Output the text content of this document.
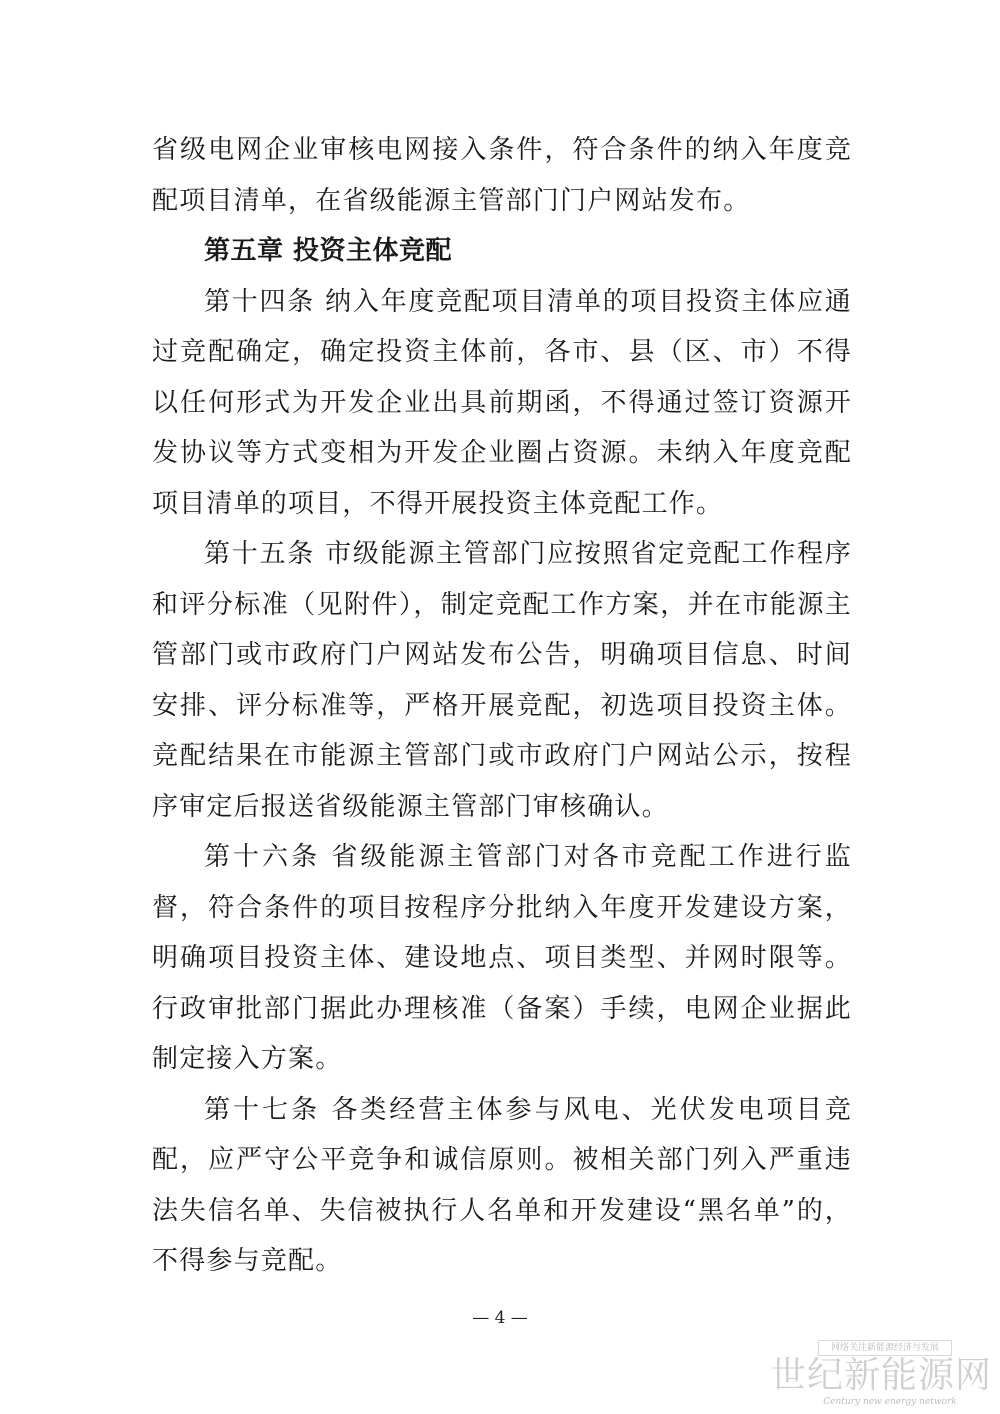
省级电网企业审核电网接入条件，符合条件的纳入年度竞配项目清单，在省级能源主管部门门户网站发布。

第五章 投资主体竞配

第十四条 纳入年度竞配项目清单的项目投资主体应通过竞配确定，确定投资主体前，各市、县（区、市）不得以任何形式为开发企业出具前期函，不得通过签订资源开发协议等方式变相为开发企业圈占资源。未纳入年度竞配项目清单的项目，不得开展投资主体竞配工作。

第十五条 市级能源主管部门应按照省定竞配工作程序和评分标准（见附件），制定竞配工作方案，并在市能源主管部门或市政府门户网站发布公告，明确项目信息、时间安排、评分标准等，严格开展竞配，初选项目投资主体。竞配结果在市能源主管部门或市政府门户网站公示，按程序审定后报送省级能源主管部门审核确认。

第十六条 省级能源主管部门对各市竞配工作进行监督，符合条件的项目按程序分批纳入年度开发建设方案，明确项目投资主体、建设地点、项目类型、并网时限等。行政审批部门据此办理核准（备案）手续，电网企业据此制定接入方案。

第十七条 各类经营主体参与风电、光伏发电项目竞配，应严守公平竞争和诚信原则。被相关部门列入严重违法失信名单、失信被执行人名单和开发建设“黑名单”的，不得参与竞配。

— 4 —
网络关注新能源经济与发展
世纪新能源网
Century new energy network
